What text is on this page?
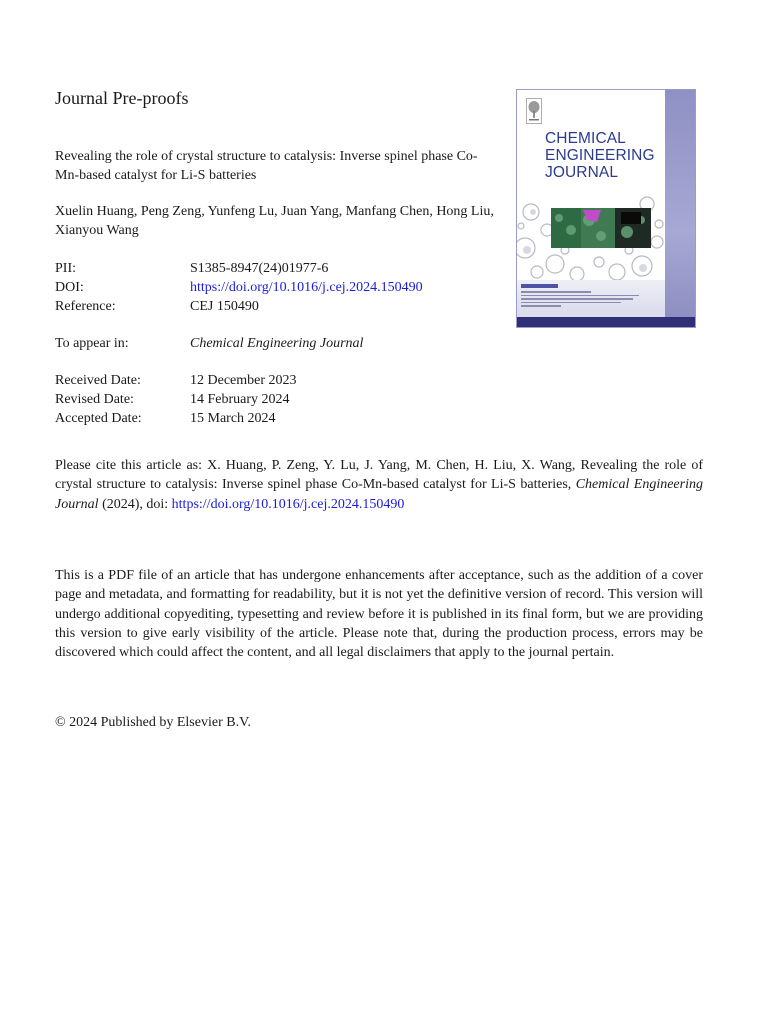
Journal Pre-proofs
Revealing the role of crystal structure to catalysis: Inverse spinel phase Co-Mn-based catalyst for Li-S batteries
Xuelin Huang, Peng Zeng, Yunfeng Lu, Juan Yang, Manfang Chen, Hong Liu, Xianyou Wang
PII:	S1385-8947(24)01977-6
DOI:	https://doi.org/10.1016/j.cej.2024.150490
Reference:	CEJ 150490
To appear in:	Chemical Engineering Journal
Received Date:	12 December 2023
Revised Date:	14 February 2024
Accepted Date:	15 March 2024
Please cite this article as: X. Huang, P. Zeng, Y. Lu, J. Yang, M. Chen, H. Liu, X. Wang, Revealing the role of crystal structure to catalysis: Inverse spinel phase Co-Mn-based catalyst for Li-S batteries, Chemical Engineering Journal (2024), doi: https://doi.org/10.1016/j.cej.2024.150490
This is a PDF file of an article that has undergone enhancements after acceptance, such as the addition of a cover page and metadata, and formatting for readability, but it is not yet the definitive version of record. This version will undergo additional copyediting, typesetting and review before it is published in its final form, but we are providing this version to give early visibility of the article. Please note that, during the production process, errors may be discovered which could affect the content, and all legal disclaimers that apply to the journal pertain.
© 2024 Published by Elsevier B.V.
CHEMICAL
ENGINEERING
JOURNAL
